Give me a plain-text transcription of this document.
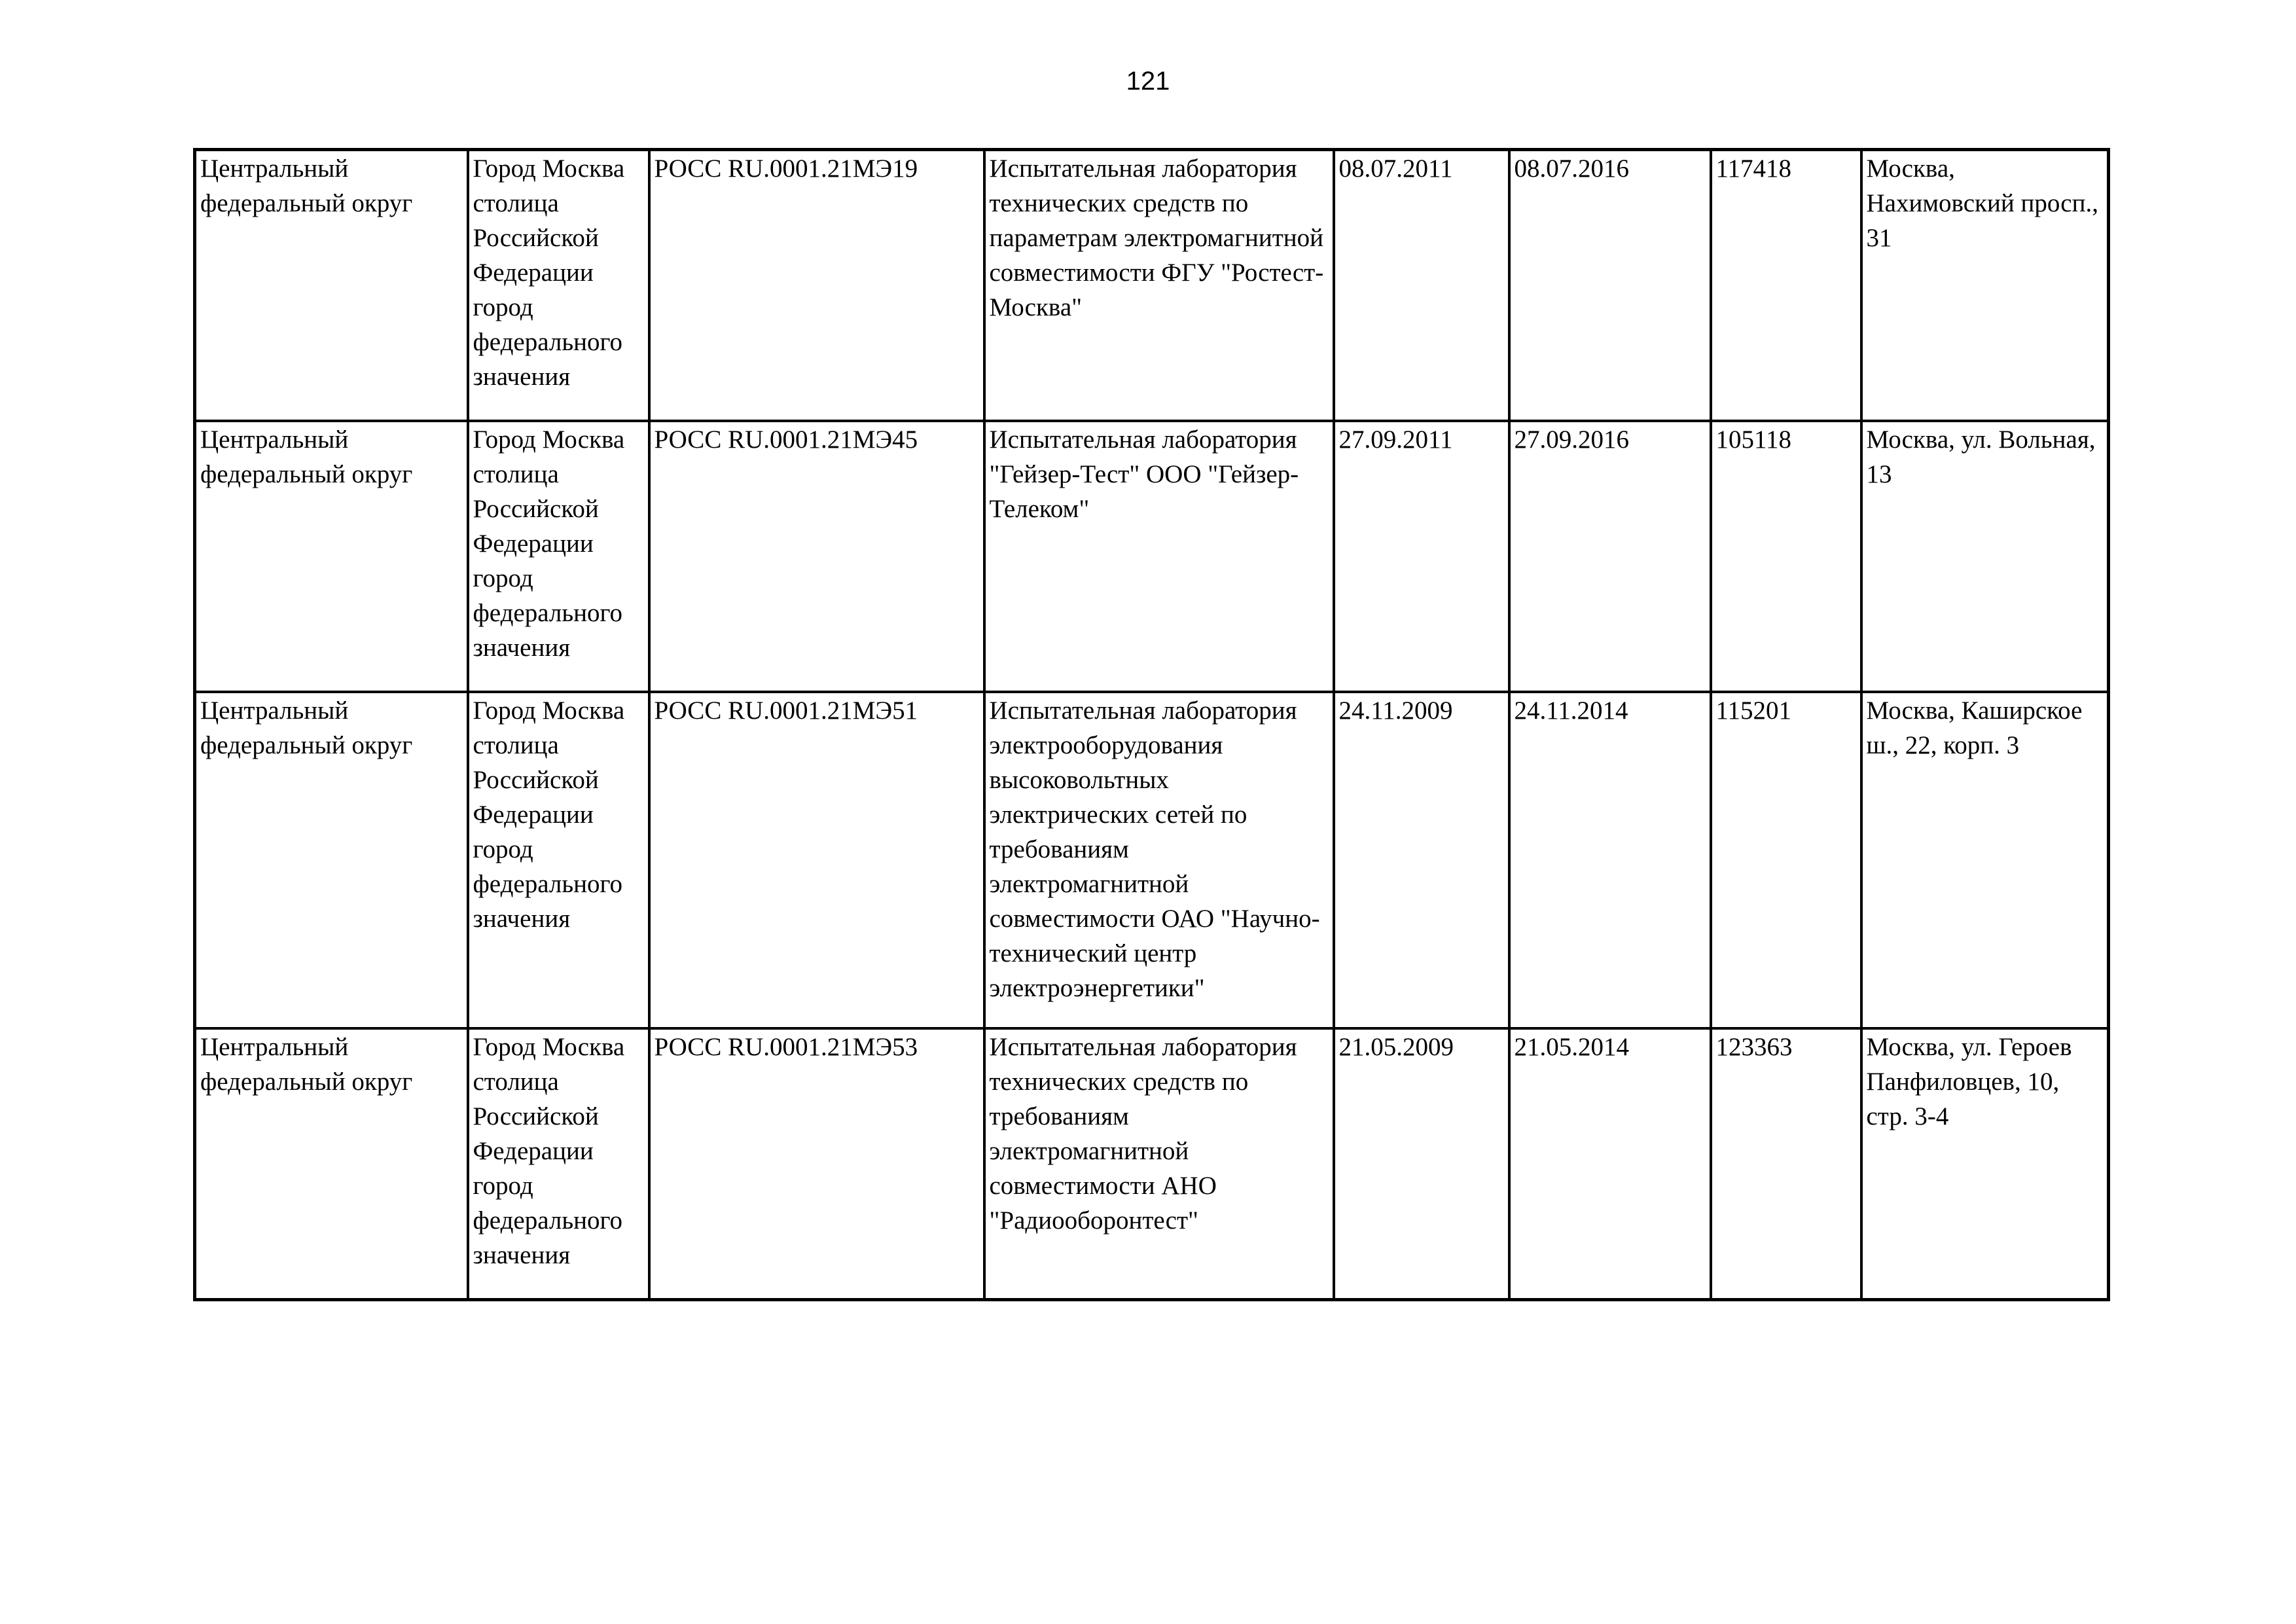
121
Центральный федеральный округ	Город Москва столица Российской Федерации город федерального значения	РОСС RU.0001.21МЭ19	Испытательная лаборатория технических средств по параметрам электромагнитной совместимости ФГУ "Ростест-Москва"	08.07.2011	08.07.2016	117418	Москва, Нахимовский просп., 31

Центральный федеральный округ	Город Москва столица Российской Федерации город федерального значения	РОСС RU.0001.21МЭ45	Испытательная лаборатория "Гейзер-Тест" ООО "Гейзер-Телеком"	27.09.2011	27.09.2016	105118	Москва, ул. Вольная, 13

Центральный федеральный округ	Город Москва столица Российской Федерации город федерального значения	РОСС RU.0001.21МЭ51	Испытательная лаборатория электрооборудования высоковольтных электрических сетей по требованиям электромагнитной совместимости ОАО "Научно-технический центр электроэнергетики"	24.11.2009	24.11.2014	115201	Москва, Каширское ш., 22, корп. 3

Центральный федеральный округ	Город Москва столица Российской Федерации город федерального значения	РОСС RU.0001.21МЭ53	Испытательная лаборатория технических средств по требованиям электромагнитной совместимости АНО "Радиооборонтест"	21.05.2009	21.05.2014	123363	Москва, ул. Героев Панфиловцев, 10, стр. 3-4
